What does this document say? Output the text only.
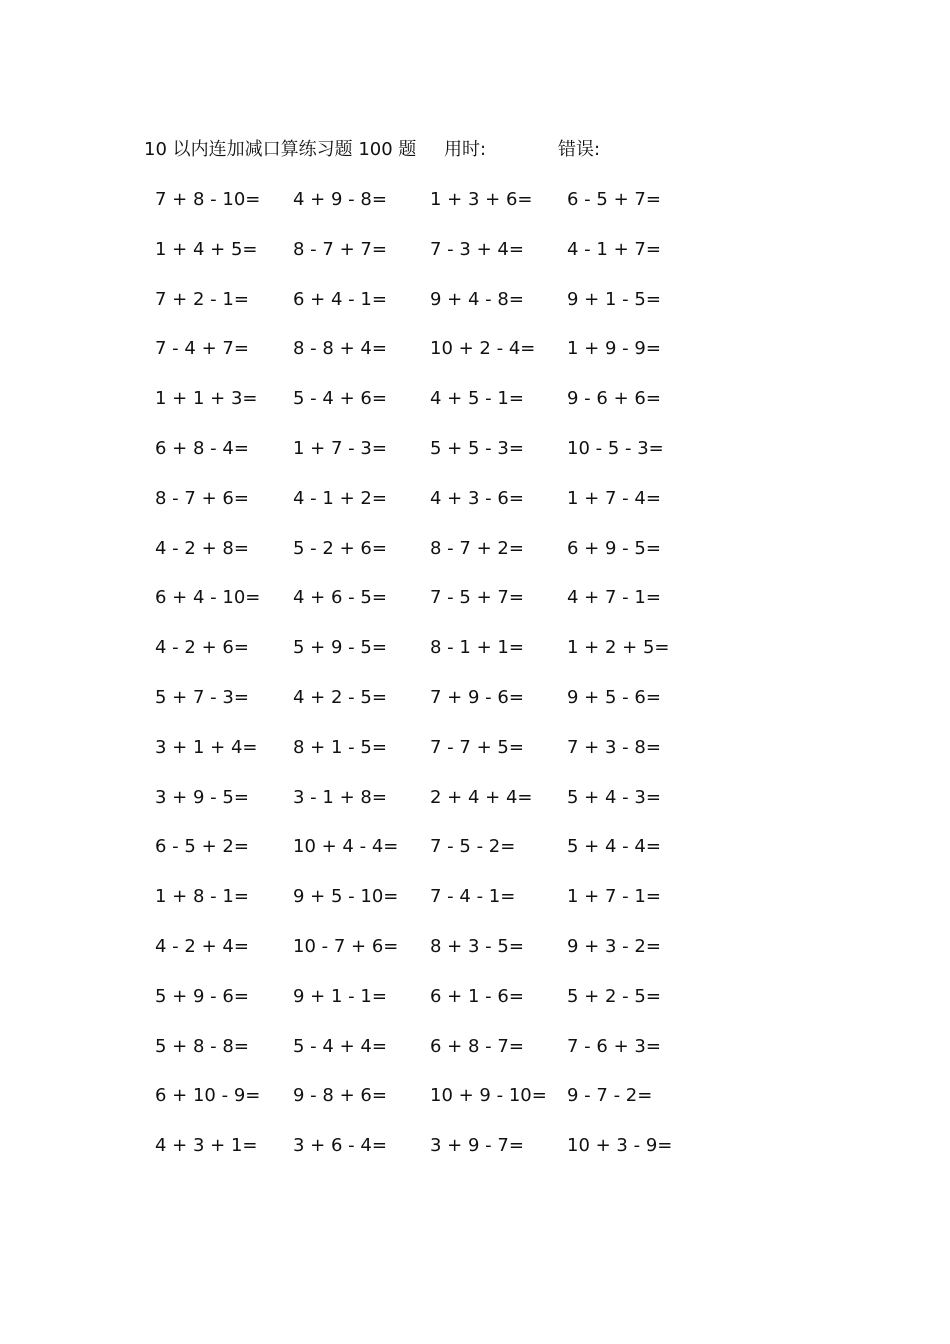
10 以内连加减口算练习题 100 题 用时:	错误:
7 + 8 - 10= 4 + 9 - 8= 1 + 3 + 6= 6 - 5 + 7=
1 + 4 + 5= 8 - 7 + 7= 7 - 3 + 4= 4 - 1 + 7=
7 + 2 - 1= 6 + 4 - 1= 9 + 4 - 8= 9 + 1 - 5=
7 - 4 + 7= 8 - 8 + 4= 10 + 2 - 4= 1 + 9 - 9=
1 + 1 + 3= 5 - 4 + 6= 4 + 5 - 1= 9 - 6 + 6=
6 + 8 - 4= 1 + 7 - 3= 5 + 5 - 3= 10 - 5 - 3=
8 - 7 + 6= 4 - 1 + 2= 4 + 3 - 6= 1 + 7 - 4=
4 - 2 + 8= 5 - 2 + 6= 8 - 7 + 2= 6 + 9 - 5=
6 + 4 - 10= 4 + 6 - 5= 7 - 5 + 7= 4 + 7 - 1=
4 - 2 + 6= 5 + 9 - 5= 8 - 1 + 1= 1 + 2 + 5=
5 + 7 - 3= 4 + 2 - 5= 7 + 9 - 6= 9 + 5 - 6=
3 + 1 + 4= 8 + 1 - 5= 7 - 7 + 5= 7 + 3 - 8=
3 + 9 - 5= 3 - 1 + 8= 2 + 4 + 4= 5 + 4 - 3=
6 - 5 + 2= 10 + 4 - 4= 7 - 5 - 2=	5 + 4 - 4=
1 + 8 - 1= 9 + 5 - 10= 7 - 4 - 1=	1 + 7 - 1=
4 - 2 + 4= 10 - 7 + 6= 8 + 3 - 5= 9 + 3 - 2=
5 + 9 - 6= 9 + 1 - 1= 6 + 1 - 6= 5 + 2 - 5=
5 + 8 - 8= 5 - 4 + 4= 6 + 8 - 7= 7 - 6 + 3=
6 + 10 - 9= 9 - 8 + 6= 10 + 9 - 10= 9 - 7 - 2=
4 + 3 + 1= 3 + 6 - 4= 3 + 9 - 7= 10 + 3 - 9=
